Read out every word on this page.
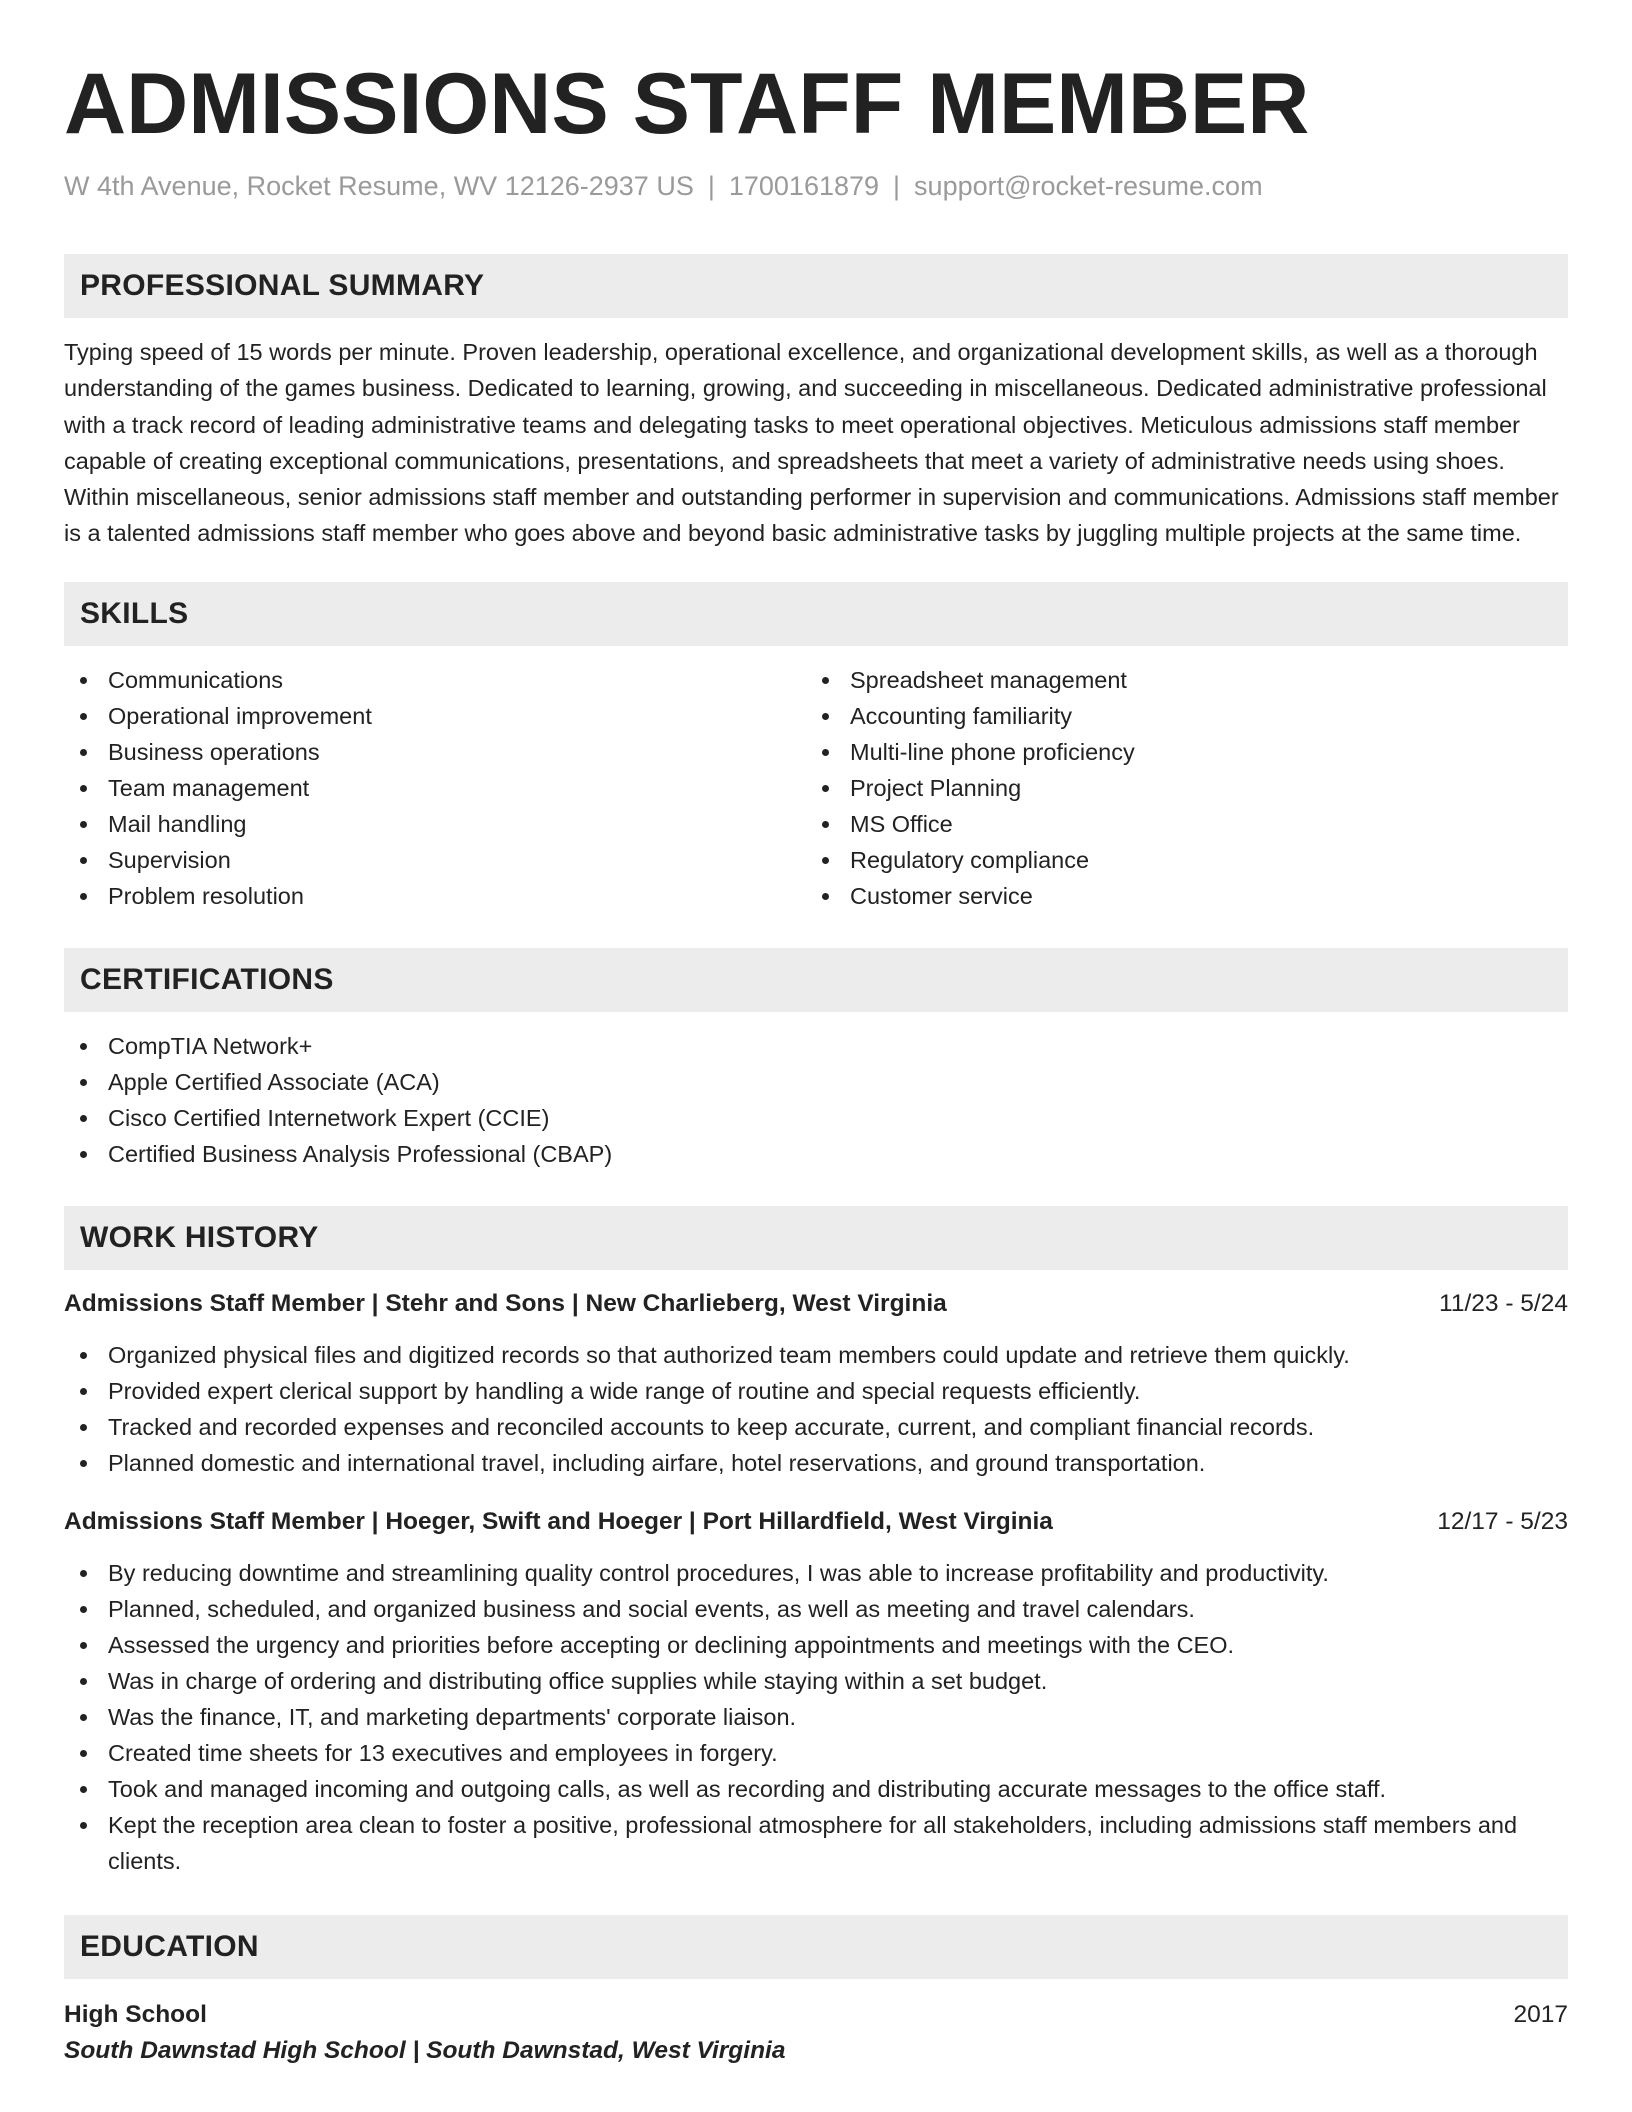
ADMISSIONS STAFF MEMBER
W 4th Avenue, Rocket Resume, WV 12126-2937 US | 1700161879 | support@rocket-resume.com
PROFESSIONAL SUMMARY

Typing speed of 15 words per minute. Proven leadership, operational excellence, and organizational development skills, as well as a thorough understanding of the games business. Dedicated to learning, growing, and succeeding in miscellaneous. Dedicated administrative professional with a track record of leading administrative teams and delegating tasks to meet operational objectives. Meticulous admissions staff member capable of creating exceptional communications, presentations, and spreadsheets that meet a variety of administrative needs using shoes. Within miscellaneous, senior admissions staff member and outstanding performer in supervision and communications. Admissions staff member is a talented admissions staff member who goes above and beyond basic administrative tasks by juggling multiple projects at the same time.

SKILLS
Communications
Operational improvement
Business operations
Team management
Mail handling
Supervision
Problem resolution
Spreadsheet management
Accounting familiarity
Multi-line phone proficiency
Project Planning
MS Office
Regulatory compliance
Customer service
CERTIFICATIONS
CompTIA Network+
Apple Certified Associate (ACA)
Cisco Certified Internetwork Expert (CCIE)
Certified Business Analysis Professional (CBAP)
WORK HISTORY
Admissions Staff Member | Stehr and Sons | New Charlieberg, West Virginia	11/23 - 5/24
Organized physical files and digitized records so that authorized team members could update and retrieve them quickly.
Provided expert clerical support by handling a wide range of routine and special requests efficiently.
Tracked and recorded expenses and reconciled accounts to keep accurate, current, and compliant financial records.
Planned domestic and international travel, including airfare, hotel reservations, and ground transportation.
Admissions Staff Member | Hoeger, Swift and Hoeger | Port Hillardfield, West Virginia	12/17 - 5/23
By reducing downtime and streamlining quality control procedures, I was able to increase profitability and productivity.
Planned, scheduled, and organized business and social events, as well as meeting and travel calendars.
Assessed the urgency and priorities before accepting or declining appointments and meetings with the CEO.
Was in charge of ordering and distributing office supplies while staying within a set budget.
Was the finance, IT, and marketing departments' corporate liaison.
Created time sheets for 13 executives and employees in forgery.
Took and managed incoming and outgoing calls, as well as recording and distributing accurate messages to the office staff.
Kept the reception area clean to foster a positive, professional atmosphere for all stakeholders, including admissions staff members and clients.
EDUCATION
High School	2017
South Dawnstad High School | South Dawnstad, West Virginia
